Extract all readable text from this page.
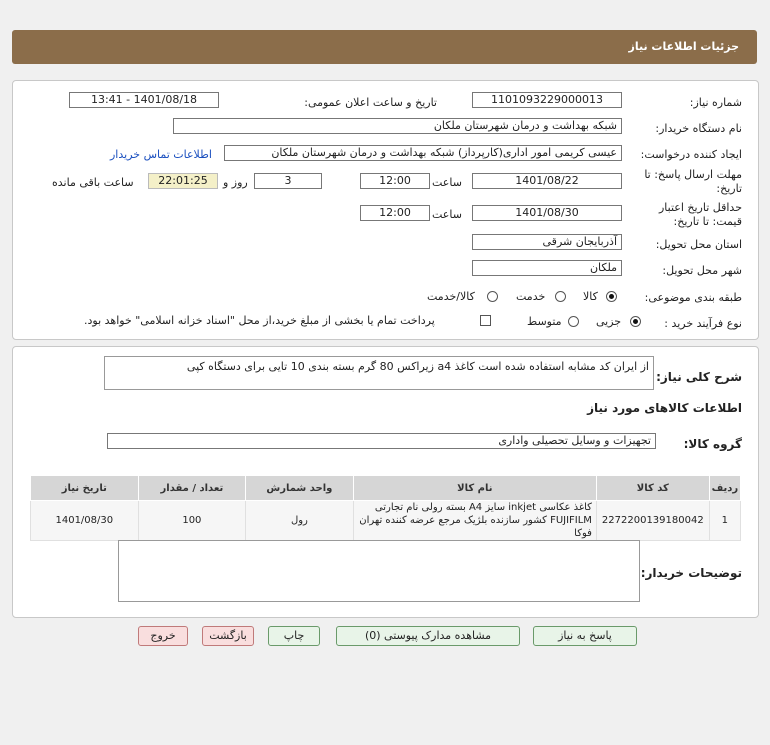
جزئیات اطلاعات نیاز
شماره نیاز:
1101093229000013
تاریخ و ساعت اعلان عمومی:
1401/08/18 - 13:41
نام دستگاه خریدار:
شبکه بهداشت و درمان شهرستان ملکان
ایجاد کننده درخواست:
عیسی کریمی امور اداری(کارپرداز) شبکه بهداشت و درمان شهرستان ملکان
اطلاعات تماس خریدار
مهلت ارسال پاسخ: تا
تاریخ:
1401/08/22
ساعت
12:00
3
روز و
22:01:25
ساعت باقی مانده
حداقل تاریخ اعتبار
قیمت: تا تاریخ:
1401/08/30
ساعت
12:00
استان محل تحویل:
آذربایجان شرقی
شهر محل تحویل:
ملکان
طبقه بندی موضوعی:
کالا
خدمت
کالا/خدمت
نوع فرآیند خرید :
جزیی
متوسط
پرداخت تمام یا بخشی از مبلغ خرید،از محل "اسناد خزانه اسلامی" خواهد بود.
شرح کلی نیاز:
از ایران کد مشابه استفاده شده است کاغذ a4 زیراکس 80 گرم بسته بندی 10 تایی برای دستگاه کپی
اطلاعات کالاهای مورد نیاز
گروه کالا:
تجهیزات و وسایل تحصیلی واداری
ردیف	کد کالا	نام کالا	واحد شمارش	تعداد / مقدار	تاریخ نیاز
1	2272200139180042	کاغذ عکاسی inkjet سایز A4 بسته رولی نام تجارتی
FUJIFILM کشور سازنده بلژیک مرجع عرضه کننده تهران فوکا	رول	100	1401/08/30
توضیحات خریدار:
پاسخ به نیاز
مشاهده مدارک پیوستی (0)
چاپ
بازگشت
خروج
